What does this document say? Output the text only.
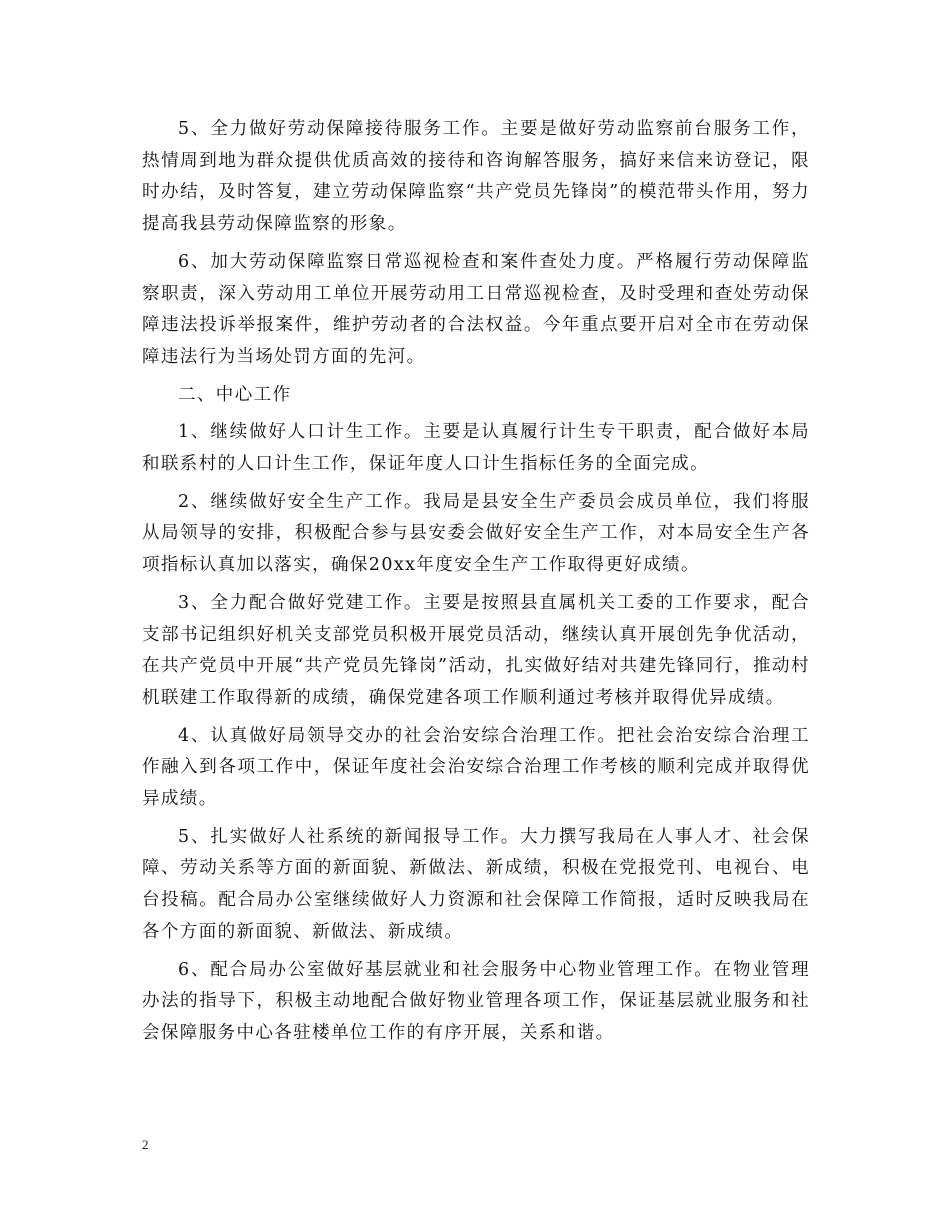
5、全力做好劳动保障接待服务工作。主要是做好劳动监察前台服务工作，热情周到地为群众提供优质高效的接待和咨询解答服务，搞好来信来访登记，限时办结，及时答复，建立劳动保障监察“共产党员先锋岗”的模范带头作用，努力提高我县劳动保障监察的形象。

6、加大劳动保障监察日常巡视检查和案件查处力度。严格履行劳动保障监察职责，深入劳动用工单位开展劳动用工日常巡视检查，及时受理和查处劳动保障违法投诉举报案件，维护劳动者的合法权益。今年重点要开启对全市在劳动保障违法行为当场处罚方面的先河。

二、中心工作

1、继续做好人口计生工作。主要是认真履行计生专干职责，配合做好本局和联系村的人口计生工作，保证年度人口计生指标任务的全面完成。

2、继续做好安全生产工作。我局是县安全生产委员会成员单位，我们将服从局领导的安排，积极配合参与县安委会做好安全生产工作，对本局安全生产各项指标认真加以落实，确保20xx年度安全生产工作取得更好成绩。

3、全力配合做好党建工作。主要是按照县直属机关工委的工作要求，配合支部书记组织好机关支部党员积极开展党员活动，继续认真开展创先争优活动，在共产党员中开展“共产党员先锋岗”活动，扎实做好结对共建先锋同行，推动村机联建工作取得新的成绩，确保党建各项工作顺利通过考核并取得优异成绩。

4、认真做好局领导交办的社会治安综合治理工作。把社会治安综合治理工作融入到各项工作中，保证年度社会治安综合治理工作考核的顺利完成并取得优异成绩。

5、扎实做好人社系统的新闻报导工作。大力撰写我局在人事人才、社会保障、劳动关系等方面的新面貌、新做法、新成绩，积极在党报党刊、电视台、电台投稿。配合局办公室继续做好人力资源和社会保障工作简报，适时反映我局在各个方面的新面貌、新做法、新成绩。

6、配合局办公室做好基层就业和社会服务中心物业管理工作。在物业管理办法的指导下，积极主动地配合做好物业管理各项工作，保证基层就业服务和社会保障服务中心各驻楼单位工作的有序开展，关系和谐。

2
